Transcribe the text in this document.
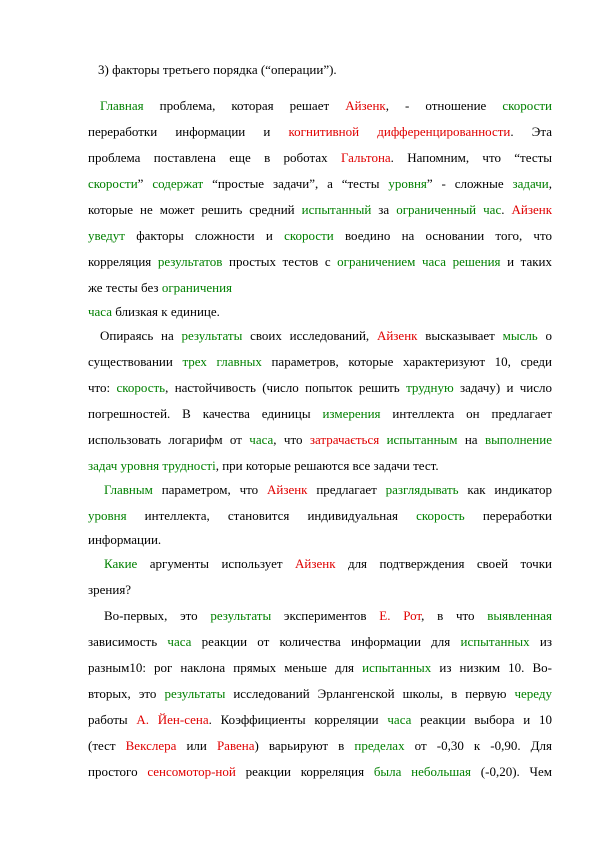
3) факторы третьего порядка (“операции”).
Главная проблема, которая решает Айзенк, - отношение скорости
переработки информации и когнитивной дифференцированности. Эта
проблема поставлена еще в роботах Гальтона. Напомним, что “тесты
скорости” содержат “простые задачи”, а “тесты уровня” - сложные задачи,
которые не может решить средний испытанный за ограниченный час. Айзенк
уведут факторы сложности и скорости воедино на основании того, что
корреляция результатов простых тестов с ограничением часа решения и таких
же тесты без ограничения
часа близкая к единице.
Опираясь на результаты своих исследований, Айзенк высказывает мысль о
существовании трех главных параметров, которые характеризуют 10, среди
что: скорость, настойчивость (число попыток решить трудную задачу) и число
погрешностей. В качества единицы измерения интеллекта он предлагает
использовать логарифм от часа, что затрачається испытанным на выполнение
задач уровня трудності, при которые решаются все задачи тест.
Главным параметром, что Айзенк предлагает разглядывать как индикатор
уровня интеллекта, становится индивидуальная скорость переработки
информации.
Какие аргументы использует Айзенк для подтверждения своей точки
зрения?
Во-первых, это результаты экспериментов Е. Рот, в что выявленная
зависимость часа реакции от количества информации для испытанных из
разным10: рог наклона прямых меньше для испытанных из низким 10. Во-
вторых, это результаты исследований Эрлангенской школы, в первую череду
работы А. Йен-сена. Коэффициенты корреляции часа реакции выбора и 10
(тест Векслера или Равена) варьируют в пределах от -0,30 к -0,90. Для
простого сенсомотор-ной реакции корреляция была небольшая (-0,20). Чем
